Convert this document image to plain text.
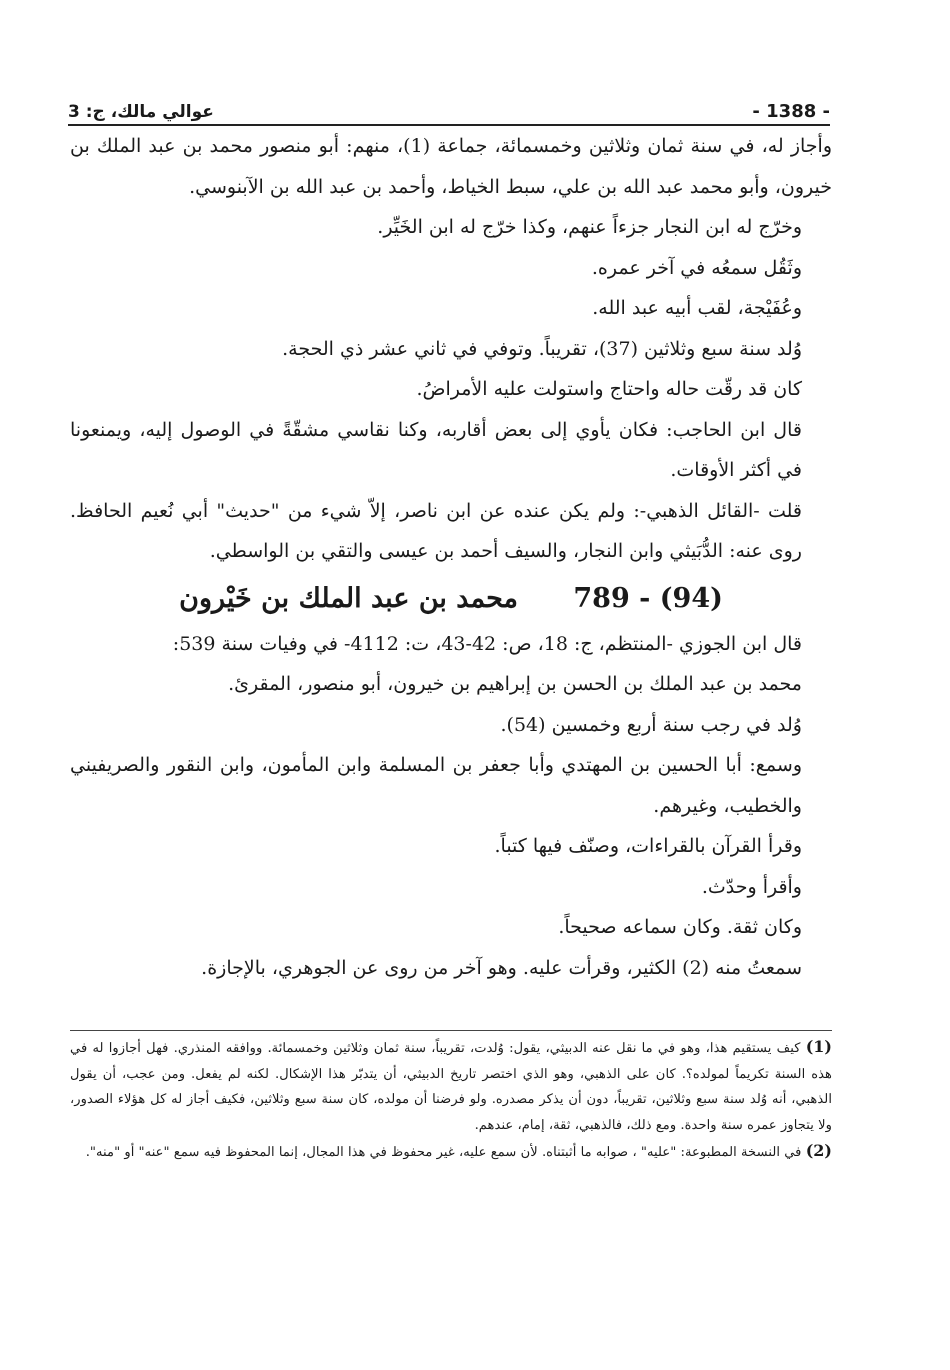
عوالي مالك، ج: 3	- 1388 -

وأجاز له، في سنة ثمان وثلاثين وخمسمائة، جماعة (1)، منهم: أبو منصور محمد بن عبد الملك بن خيرون، وأبو محمد عبد الله بن علي، سبط الخياط، وأحمد بن عبد الله بن الآبنوسي.

وخرّج له ابن النجار جزءاً عنهم، وكذا خرّج له ابن الخَيِّر.

وثَقُل سمعُه في آخر عمره.

وعُفَيْجة، لقب أبيه عبد الله.

وُلد سنة سبع وثلاثين (37)، تقريباً. وتوفي في ثاني عشر ذي الحجة.

كان قد رقّت حاله واحتاج واستولت عليه الأمراضُ.

قال ابن الحاجب: فكان يأوي إلى بعض أقاربه، وكنا نقاسي مشقّةً في الوصول إليه، ويمنعونا في أكثر الأوقات.

قلت -القائل الذهبي-: ولم يكن عنده عن ابن ناصر، إلاّ شيء من "حديث" أبي نُعيم الحافظ. روى عنه: الدُّبَيثي وابن النجار، والسيف أحمد بن عيسى والتقي بن الواسطي.

789 - (94) محمد بن عبد الملك بن خَيْرون

قال ابن الجوزي -المنتظم، ج: 18، ص: 42-43، ت: 4112- في وفيات سنة 539:

محمد بن عبد الملك بن الحسن بن إبراهيم بن خيرون، أبو منصور، المقرئ.

وُلد في رجب سنة أربع وخمسين (54).

وسمع: أبا الحسين بن المهتدي وأبا جعفر بن المسلمة وابن المأمون، وابن النقور والصريفيني والخطيب، وغيرهم.

وقرأ القرآن بالقراءات، وصنّف فيها كتباً.

وأقرأ وحدّث.

وكان ثقة. وكان سماعه صحيحاً.

سمعتُ منه (2) الكثير، وقرأت عليه. وهو آخر من روى عن الجوهري، بالإجازة.

(1) كيف يستقيم هذا، وهو في ما نقل عنه الدبيثي، يقول: وُلدت، تقريباً، سنة ثمان وثلاثين وخمسمائة. ووافقه المنذري. فهل أجازوا له في هذه السنة تكريماً لمولده؟. كان على الذهبي، وهو الذي اختصر تاريخ الدبيثي، أن يتدبّر هذا الإشكال. لكنه لم يفعل. ومن عجب، أن يقول الذهبي، أنه وُلد سنة سبع وثلاثين، تقريباً، دون أن يذكر مصدره. ولو فرضنا أن مولده، كان سنة سبع وثلاثين، فكيف أجاز له كل هؤلاء الصدور، ولا يتجاوز عمره سنة واحدة. ومع ذلك، فالذهبي، ثقة، إمام، عندهم.

(2) في النسخة المطبوعة: "عليه" ، صوابه ما أثبتناه. لأن سمع عليه، غير محفوظ في هذا المجال، إنما المحفوظ فيه سمع "عنه" أو "منه".
